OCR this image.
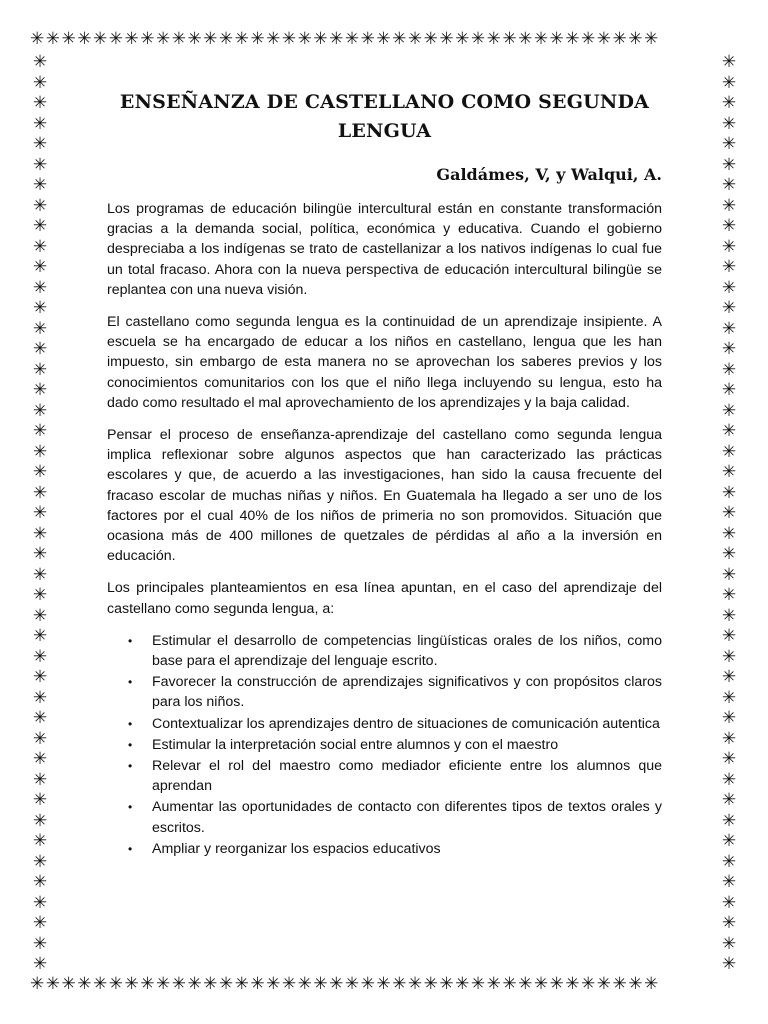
✳✳✳✳✳✳✳✳✳✳✳✳✳✳✳✳✳✳✳✳✳✳✳✳✳✳✳✳✳✳✳✳✳✳✳✳✳✳✳✳
✳✳✳✳✳✳✳✳✳✳✳✳✳✳✳✳✳✳✳✳✳✳✳✳✳✳✳✳✳✳✳✳✳✳✳✳✳✳✳✳
✳ ✳ ✳ ✳ ✳ ✳ ✳ ✳ ✳ ✳ ✳ ✳ ✳ ✳ ✳ ✳ ✳ ✳ ✳ ✳ ✳ ✳ ✳ ✳ ✳ ✳ ✳ ✳ ✳ ✳ ✳ ✳ ✳ ✳ ✳ ✳ ✳ ✳ ✳ ✳ ✳ ✳ ✳ ✳ ✳
✳ ✳ ✳ ✳ ✳ ✳ ✳ ✳ ✳ ✳ ✳ ✳ ✳ ✳ ✳ ✳ ✳ ✳ ✳ ✳ ✳ ✳ ✳ ✳ ✳ ✳ ✳ ✳ ✳ ✳ ✳ ✳ ✳ ✳ ✳ ✳ ✳ ✳ ✳ ✳ ✳ ✳ ✳ ✳ ✳
ENSEÑANZA DE CASTELLANO COMO SEGUNDA LENGUA
Galdámes, V, y Walqui, A.

Los programas de educación bilingüe intercultural están en constante transformación gracias a la demanda social, política, económica y educativa. Cuando el gobierno despreciaba a los indígenas se trato de castellanizar a los nativos indígenas lo cual fue un total fracaso. Ahora con la nueva perspectiva de educación intercultural bilingüe se replantea con una nueva visión.

El castellano como segunda lengua es la continuidad de un aprendizaje insipiente. A escuela se ha encargado de educar a los niños en castellano, lengua que les han impuesto, sin embargo de esta manera no se aprovechan los saberes previos y los conocimientos comunitarios con los que el niño llega incluyendo su lengua, esto ha dado como resultado el mal aprovechamiento de los aprendizajes y la baja calidad.

Pensar el proceso de enseñanza-aprendizaje del castellano como segunda lengua implica reflexionar sobre algunos aspectos que han caracterizado las prácticas escolares y que, de acuerdo a las investigaciones, han sido la causa frecuente del fracaso escolar de muchas niñas y niños. En Guatemala ha llegado a ser uno de los factores por el cual 40% de los niños de primeria no son promovidos. Situación que ocasiona más de 400 millones de quetzales de pérdidas al año a la inversión en educación.

Los principales planteamientos en esa línea apuntan, en el caso del aprendizaje del castellano como segunda lengua, a:

• Estimular el desarrollo de competencias lingüísticas orales de los niños, como base para el aprendizaje del lenguaje escrito.
• Favorecer la construcción de aprendizajes significativos y con propósitos claros para los niños.
• Contextualizar los aprendizajes dentro de situaciones de comunicación autentica
• Estimular la interpretación social entre alumnos y con el maestro
• Relevar el rol del maestro como mediador eficiente entre los alumnos que aprendan
• Aumentar las oportunidades de contacto con diferentes tipos de textos orales y escritos.
• Ampliar y reorganizar los espacios educativos
